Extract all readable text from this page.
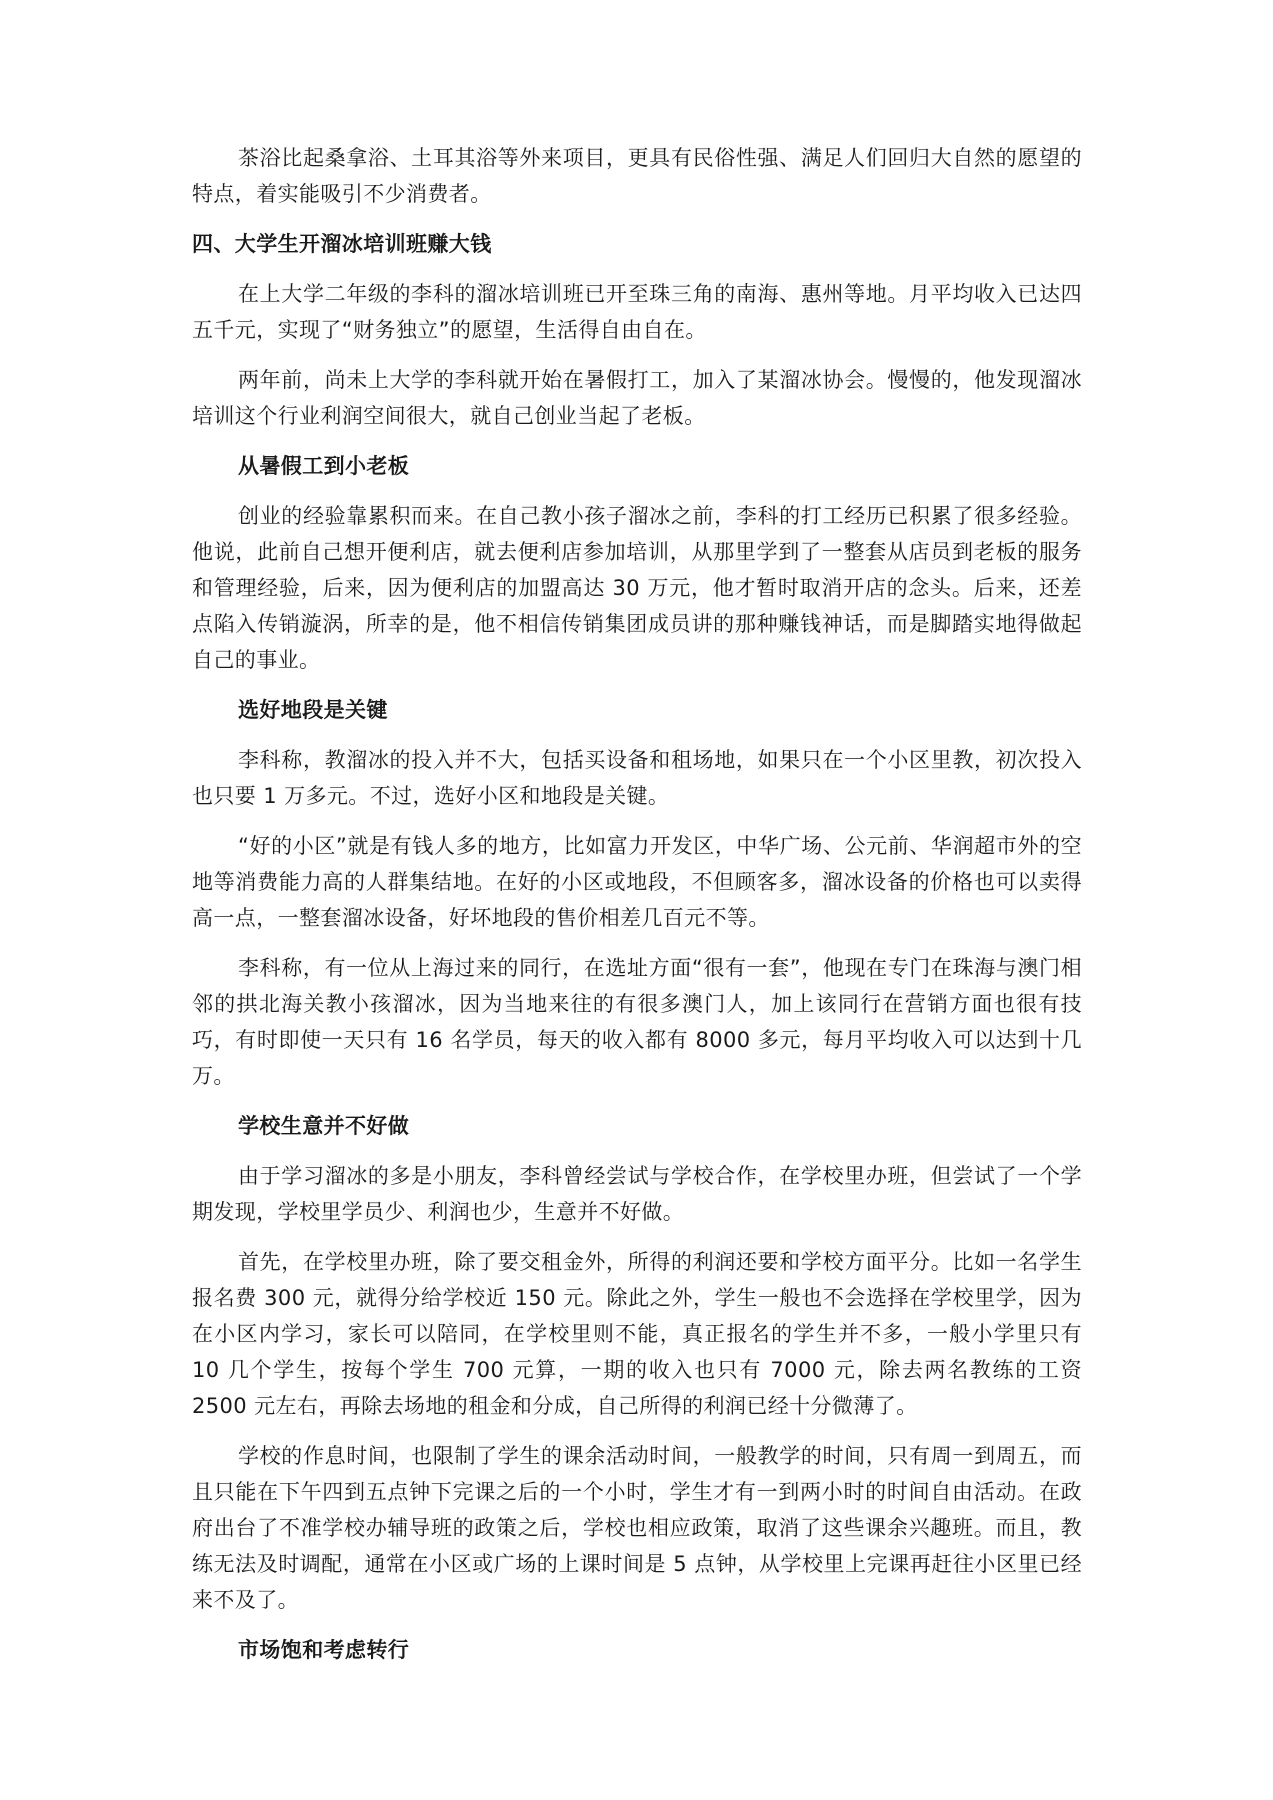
茶浴比起桑拿浴、土耳其浴等外来项目，更具有民俗性强、满足人们回归大自然的愿望的特点，着实能吸引不少消费者。

四、大学生开溜冰培训班赚大钱

在上大学二年级的李科的溜冰培训班已开至珠三角的南海、惠州等地。月平均收入已达四五千元，实现了“财务独立”的愿望，生活得自由自在。

两年前，尚未上大学的李科就开始在暑假打工，加入了某溜冰协会。慢慢的，他发现溜冰培训这个行业利润空间很大，就自己创业当起了老板。

从暑假工到小老板

创业的经验靠累积而来。在自己教小孩子溜冰之前，李科的打工经历已积累了很多经验。他说，此前自己想开便利店，就去便利店参加培训，从那里学到了一整套从店员到老板的服务和管理经验，后来，因为便利店的加盟高达 30 万元，他才暂时取消开店的念头。后来，还差点陷入传销漩涡，所幸的是，他不相信传销集团成员讲的那种赚钱神话，而是脚踏实地得做起自己的事业。

选好地段是关键

李科称，教溜冰的投入并不大，包括买设备和租场地，如果只在一个小区里教，初次投入也只要 1 万多元。不过，选好小区和地段是关键。

“好的小区”就是有钱人多的地方，比如富力开发区，中华广场、公元前、华润超市外的空地等消费能力高的人群集结地。在好的小区或地段，不但顾客多，溜冰设备的价格也可以卖得高一点，一整套溜冰设备，好坏地段的售价相差几百元不等。

李科称，有一位从上海过来的同行，在选址方面“很有一套”，他现在专门在珠海与澳门相邻的拱北海关教小孩溜冰，因为当地来往的有很多澳门人，加上该同行在营销方面也很有技巧，有时即使一天只有 16 名学员，每天的收入都有 8000 多元，每月平均收入可以达到十几万。

学校生意并不好做

由于学习溜冰的多是小朋友，李科曾经尝试与学校合作，在学校里办班，但尝试了一个学期发现，学校里学员少、利润也少，生意并不好做。

首先，在学校里办班，除了要交租金外，所得的利润还要和学校方面平分。比如一名学生报名费 300 元，就得分给学校近 150 元。除此之外，学生一般也不会选择在学校里学，因为在小区内学习，家长可以陪同，在学校里则不能，真正报名的学生并不多，一般小学里只有 10 几个学生，按每个学生 700 元算，一期的收入也只有 7000 元，除去两名教练的工资 2500 元左右，再除去场地的租金和分成，自己所得的利润已经十分微薄了。

学校的作息时间，也限制了学生的课余活动时间，一般教学的时间，只有周一到周五，而且只能在下午四到五点钟下完课之后的一个小时，学生才有一到两小时的时间自由活动。在政府出台了不准学校办辅导班的政策之后，学校也相应政策，取消了这些课余兴趣班。而且，教练无法及时调配，通常在小区或广场的上课时间是 5 点钟，从学校里上完课再赶往小区里已经来不及了。

市场饱和考虑转行
